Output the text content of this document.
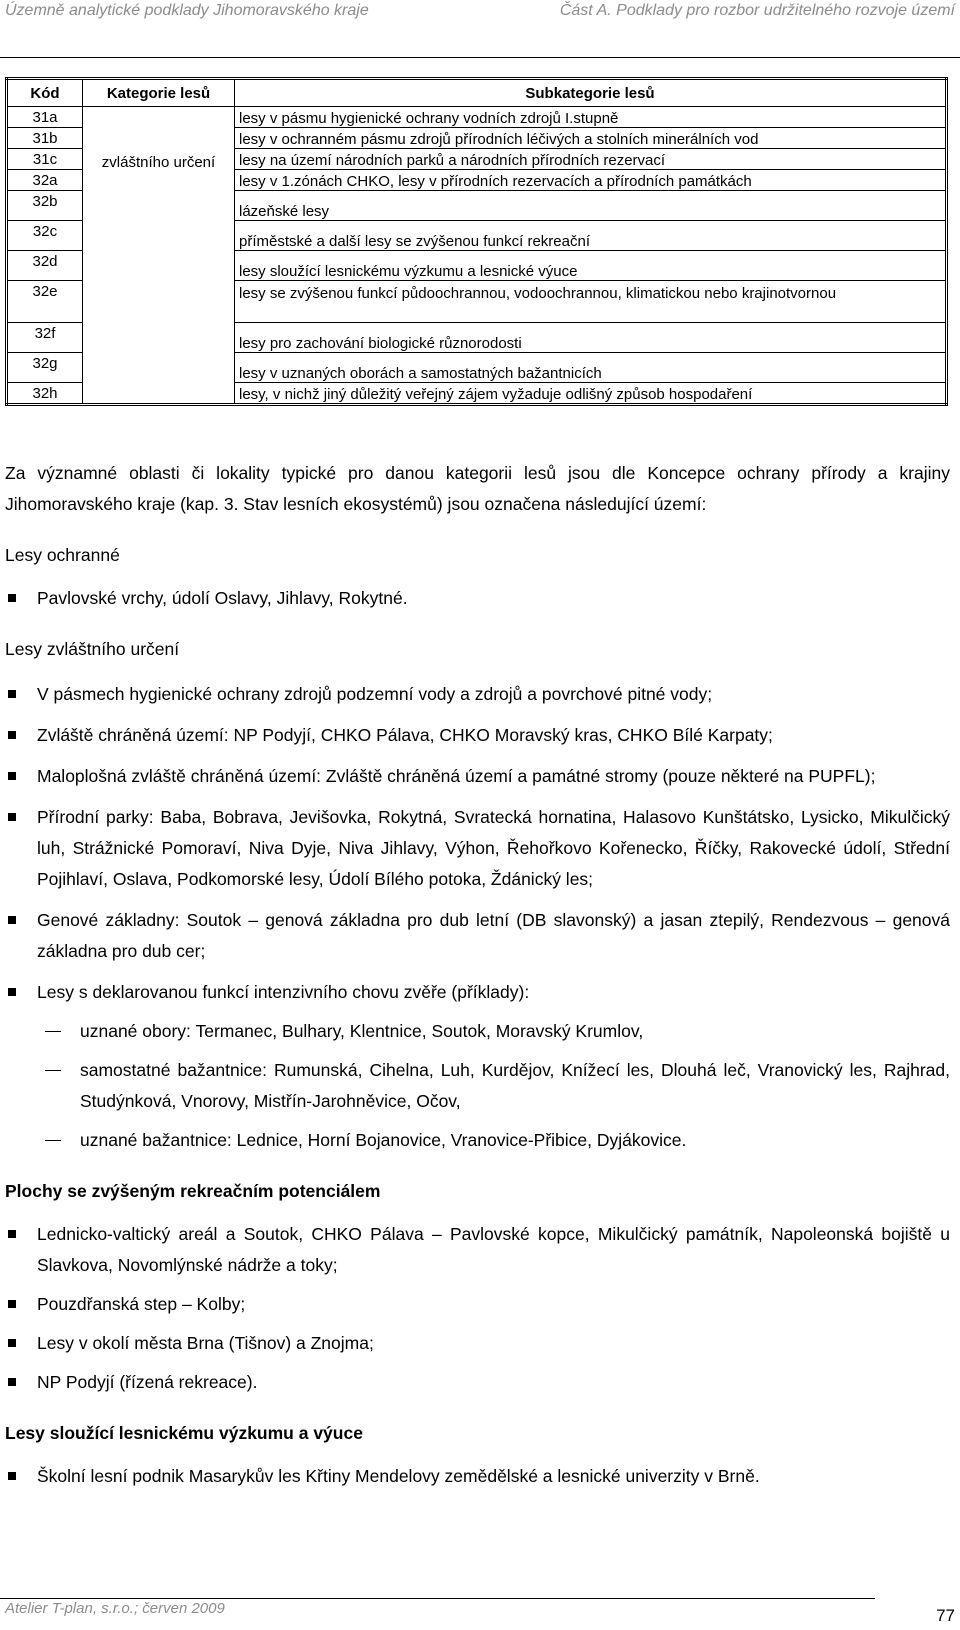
Územně analytické podklady Jihomoravského kraje	Část A. Podklady pro rozbor udržitelného rozvoje území
Kód	Kategorie lesů	Subkategorie lesů
31a	zvláštního určení	lesy v pásmu hygienické ochrany vodních zdrojů I.stupně
31b		lesy v ochranném pásmu zdrojů přírodních léčivých a stolních minerálních vod
31c		lesy na území národních parků a národních přírodních rezervací
32a		lesy v 1.zónách CHKO, lesy v přírodních rezervacích a přírodních památkách
32b		lázeňské lesy
32c		příměstské a další lesy se zvýšenou funkcí rekreační
32d		lesy sloužící lesnickému výzkumu a lesnické výuce
32e		lesy se zvýšenou funkcí půdoochrannou, vodoochrannou, klimatickou nebo krajinotvornou
32f		lesy pro zachování biologické různorodosti
32g		lesy v uznaných oborách a samostatných bažantnicích
32h		lesy, v nichž jiný důležitý veřejný zájem vyžaduje odlišný způsob hospodaření
Za významné oblasti či lokality typické pro danou kategorii lesů jsou dle Koncepce ochrany přírody a krajiny Jihomoravského kraje (kap. 3. Stav lesních ekosystémů) jsou označena následující území:
Lesy ochranné
Pavlovské vrchy, údolí Oslavy, Jihlavy, Rokytné.
Lesy zvláštního určení
V pásmech hygienické ochrany zdrojů podzemní vody a zdrojů a povrchové pitné vody;
Zvláště chráněná území: NP Podyjí, CHKO Pálava, CHKO Moravský kras, CHKO Bílé Karpaty;
Maloplošná zvláště chráněná území: Zvláště chráněná území a památné stromy (pouze některé na PUPFL);
Přírodní parky: Baba, Bobrava, Jevišovka, Rokytná, Svratecká hornatina, Halasovo Kunštátsko, Lysicko, Mikulčický luh, Strážnické Pomoraví, Niva Dyje, Niva Jihlavy, Výhon, Řehořkovo Kořenecko, Říčky, Rakovecké údolí, Střední Pojihlaví, Oslava, Podkomorské lesy, Údolí Bílého potoka, Ždánický les;
Genové základny: Soutok – genová základna pro dub letní (DB slavonský) a jasan ztepilý, Rendezvous – genová základna pro dub cer;
Lesy s deklarovanou funkcí intenzivního chovu zvěře (příklady):
uznané obory: Termanec, Bulhary, Klentnice, Soutok, Moravský Krumlov,
samostatné bažantnice: Rumunská, Cihelna, Luh, Kurdějov, Knížecí les, Dlouhá leč, Vranovický les, Rajhrad, Studýnková, Vnorovy, Mistřín-Jarohněvice, Očov,
uznané bažantnice: Lednice, Horní Bojanovice, Vranovice-Přibice, Dyjákovice.
Plochy se zvýšeným rekreačním potenciálem
Lednicko-valtický areál a Soutok, CHKO Pálava – Pavlovské kopce, Mikulčický památník, Napoleonská bojiště u Slavkova, Novomlýnské nádrže a toky;
Pouzdřanská step – Kolby;
Lesy v okolí města Brna (Tišnov) a Znojma;
NP Podyjí (řízená rekreace).
Lesy sloužící lesnickému výzkumu a výuce
Školní lesní podnik Masarykův les Křtiny Mendelovy zemědělské a lesnické univerzity v Brně.
Atelier T-plan, s.r.o.; červen 2009	77
